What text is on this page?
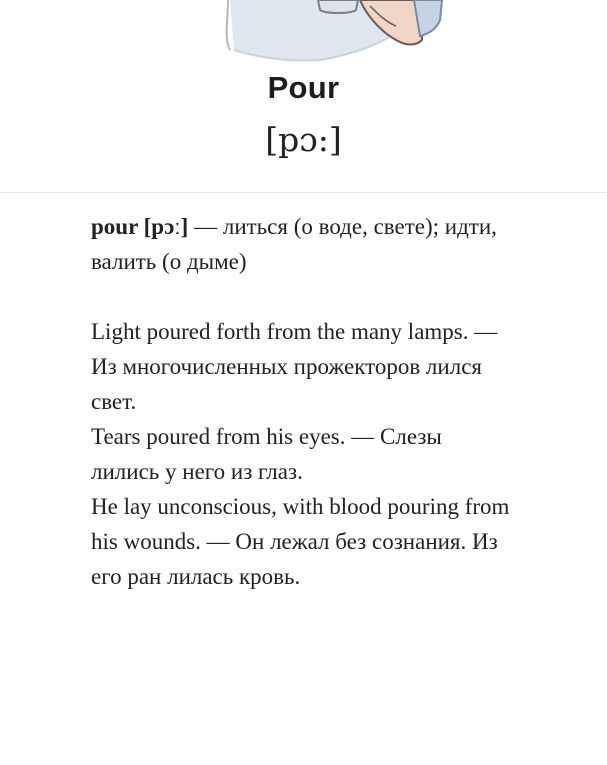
Pour
[pɔ:]
pour [pɔː] — литься (о воде, свете); идти, валить (о дыме)
Light poured forth from the many lamps. — Из многочисленных прожекторов лился свет.
Tears poured from his eyes. — Слезы лились у него из глаз.
He lay unconscious, with blood pouring from his wounds. — Он лежал без сознания. Из его ран лилась кровь.
